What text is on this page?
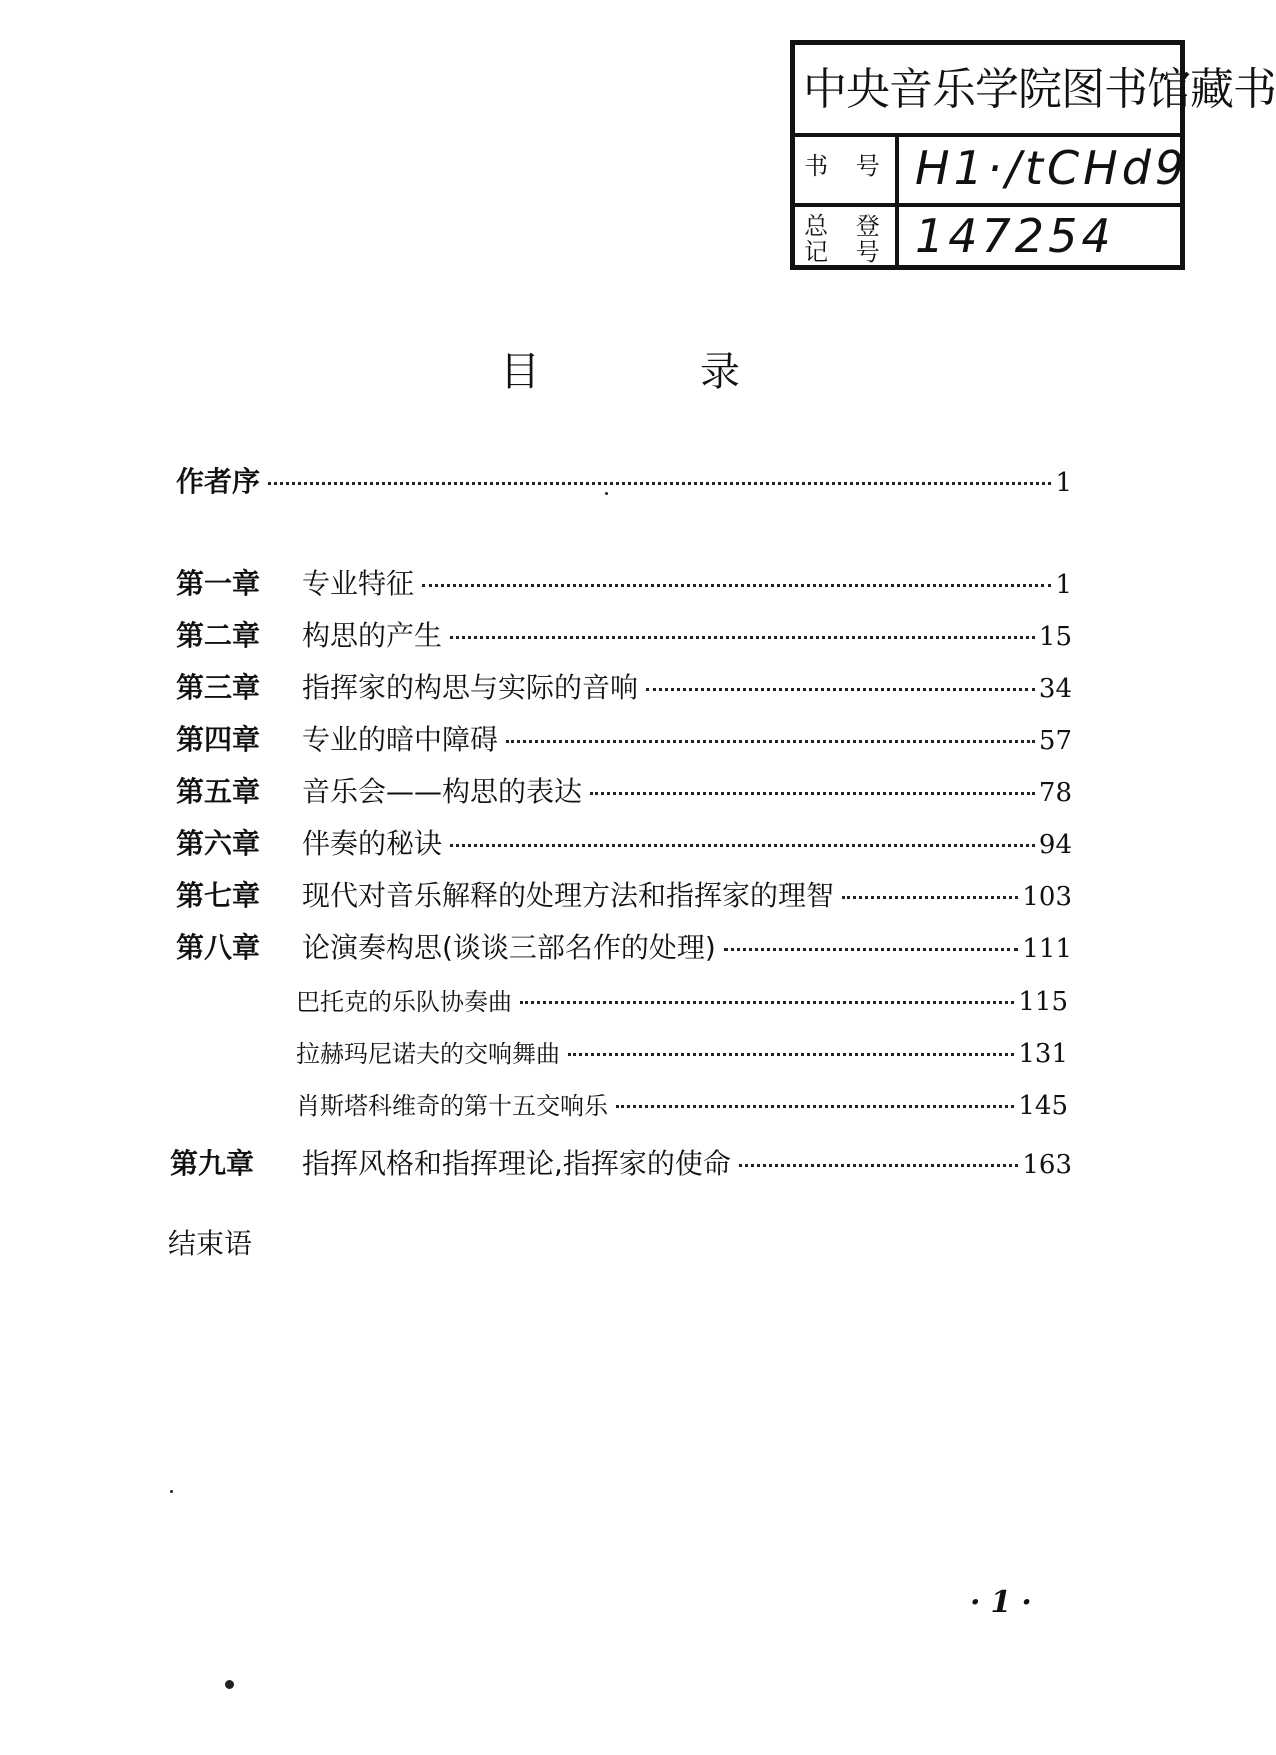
中央音乐学院图书馆藏书
书 号 H1·/tCHd9
总 登 记 号 147254
目录
作者序	1
第一章	专业特征	1
第二章	构思的产生	15
第三章	指挥家的构思与实际的音响	34
第四章	专业的暗中障碍	57
第五章	音乐会——构思的表达	78
第六章	伴奏的秘诀	94
第七章	现代对音乐解释的处理方法和指挥家的理智	103
第八章	论演奏构思(谈谈三部名作的处理)	111
巴托克的乐队协奏曲	115
拉赫玛尼诺夫的交响舞曲	131
肖斯塔科维奇的第十五交响乐	145
第九章	指挥风格和指挥理论,指挥家的使命	163
结束语
·1·
